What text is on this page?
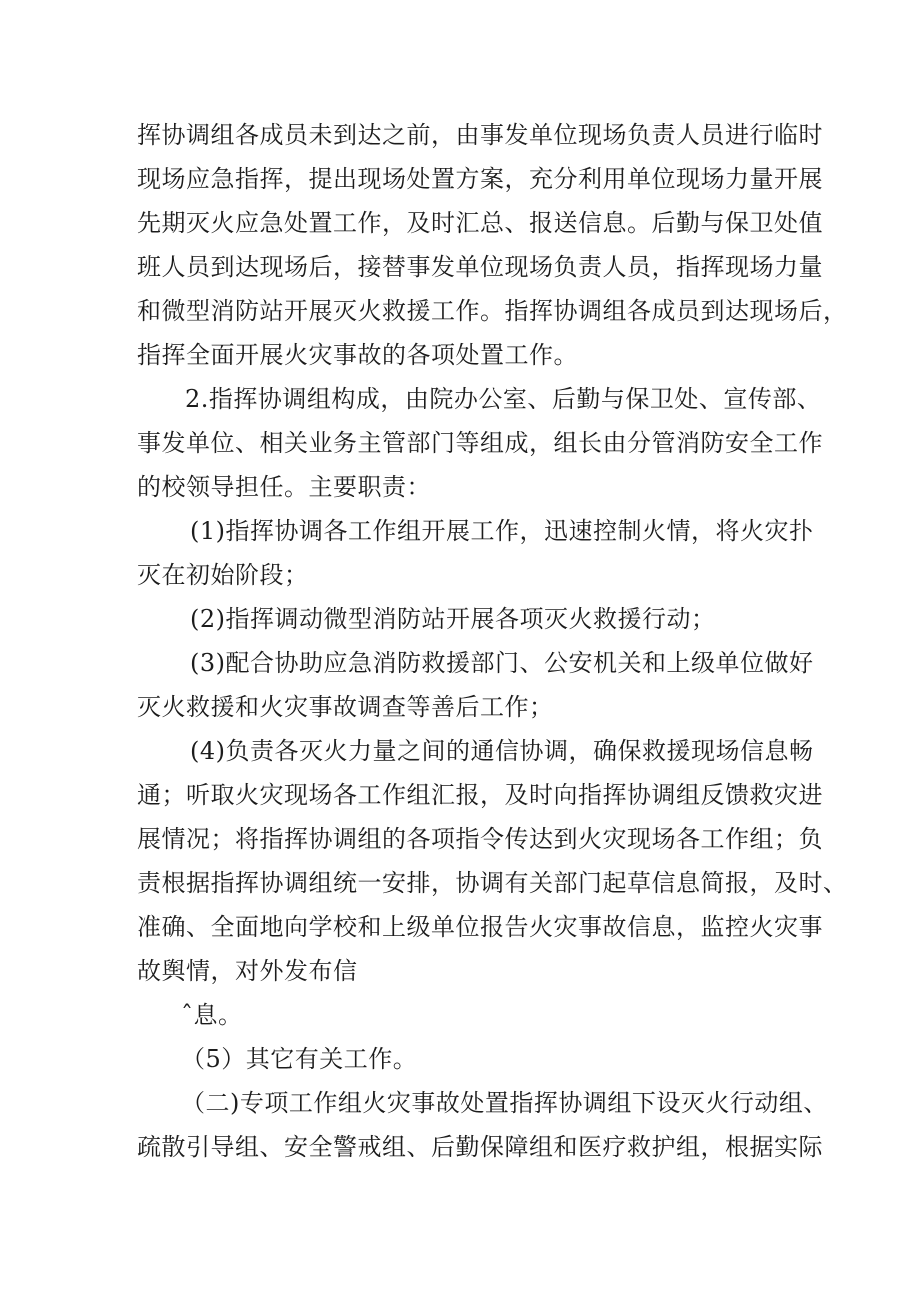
挥协调组各成员未到达之前，由事发单位现场负责人员进行临时

现场应急指挥，提出现场处置方案，充分利用单位现场力量开展

先期灭火应急处置工作，及时汇总、报送信息。后勤与保卫处值

班人员到达现场后，接替事发单位现场负责人员，指挥现场力量

和微型消防站开展灭火救援工作。指挥协调组各成员到达现场后，

指挥全面开展火灾事故的各项处置工作。

2.指挥协调组构成，由院办公室、后勤与保卫处、宣传部、

事发单位、相关业务主管部门等组成，组长由分管消防安全工作

的校领导担任。主要职责：

(1)指挥协调各工作组开展工作，迅速控制火情，将火灾扑

灭在初始阶段；

(2)指挥调动微型消防站开展各项灭火救援行动；

(3)配合协助应急消防救援部门、公安机关和上级单位做好

灭火救援和火灾事故调查等善后工作；

(4)负责各灭火力量之间的通信协调，确保救援现场信息畅

通；听取火灾现场各工作组汇报，及时向指挥协调组反馈救灾进

展情况；将指挥协调组的各项指令传达到火灾现场各工作组；负

责根据指挥协调组统一安排，协调有关部门起草信息简报，及时、

准确、全面地向学校和上级单位报告火灾事故信息，监控火灾事

故舆情，对外发布信

ˆ息。

（5）其它有关工作。

（二)专项工作组火灾事故处置指挥协调组下设灭火行动组、

疏散引导组、安全警戒组、后勤保障组和医疗救护组，根据实际
